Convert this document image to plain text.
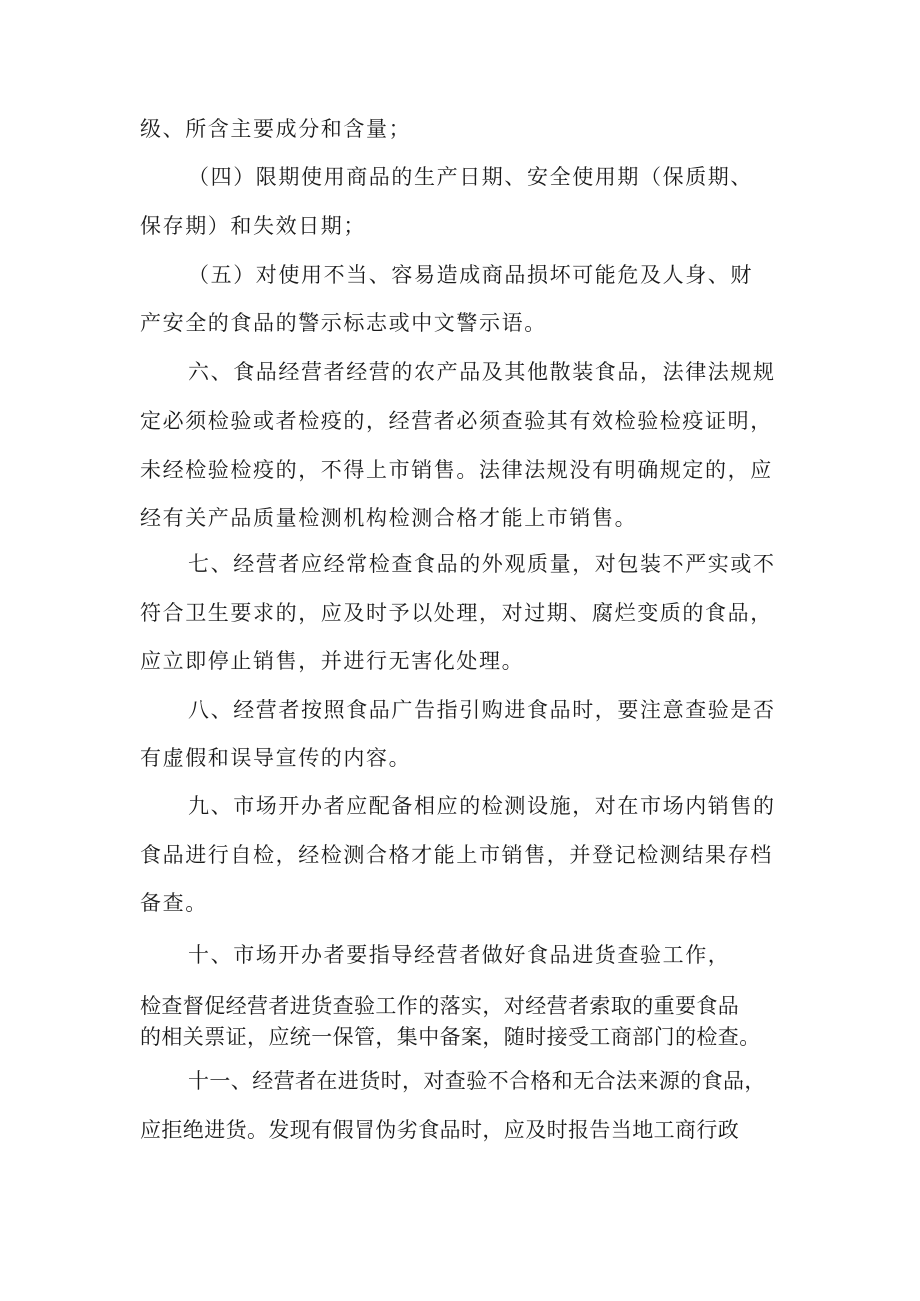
级、所含主要成分和含量；
（四）限期使用商品的生产日期、安全使用期（保质期、
保存期）和失效日期；
（五）对使用不当、容易造成商品损坏可能危及人身、财
产安全的食品的警示标志或中文警示语。
六、食品经营者经营的农产品及其他散装食品，法律法规规
定必须检验或者检疫的，经营者必须查验其有效检验检疫证明，
未经检验检疫的，不得上市销售。法律法规没有明确规定的，应
经有关产品质量检测机构检测合格才能上市销售。
七、经营者应经常检查食品的外观质量，对包装不严实或不
符合卫生要求的，应及时予以处理，对过期、腐烂变质的食品，
应立即停止销售，并进行无害化处理。
八、经营者按照食品广告指引购进食品时，要注意查验是否
有虚假和误导宣传的内容。
九、市场开办者应配备相应的检测设施，对在市场内销售的
食品进行自检，经检测合格才能上市销售，并登记检测结果存档
备查。
十、市场开办者要指导经营者做好食品进货查验工作，
检查督促经营者进货查验工作的落实，对经营者索取的重要食品
的相关票证，应统一保管，集中备案，随时接受工商部门的检查。
十一、经营者在进货时，对查验不合格和无合法来源的食品，
应拒绝进货。发现有假冒伪劣食品时，应及时报告当地工商行政
